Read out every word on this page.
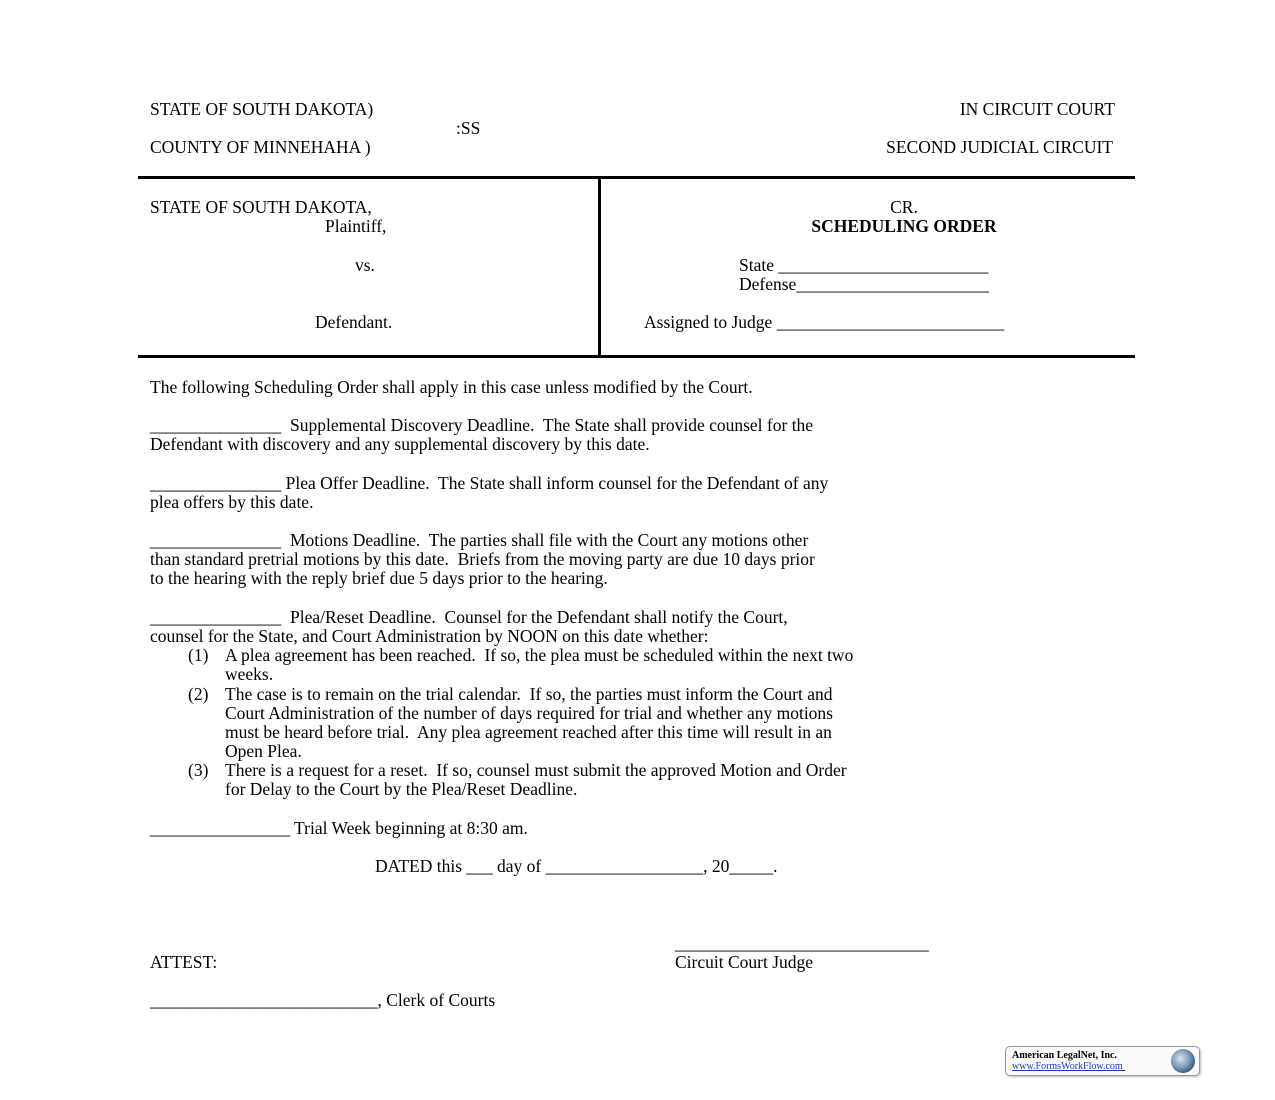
STATE OF SOUTH DAKOTA)
:SS
COUNTY OF MINNEHAHA )
IN CIRCUIT COURT
SECOND JUDICIAL CIRCUIT
STATE OF SOUTH DAKOTA,
Plaintiff,
vs.
Defendant.
CR.
SCHEDULING ORDER
State ________________________
Defense______________________
Assigned to Judge __________________________
The following Scheduling Order shall apply in this case unless modified by the Court.
_______________  Supplemental Discovery Deadline.  The State shall provide counsel for the
Defendant with discovery and any supplemental discovery by this date.
_______________ Plea Offer Deadline.  The State shall inform counsel for the Defendant of any
plea offers by this date.
_______________  Motions Deadline.  The parties shall file with the Court any motions other
than standard pretrial motions by this date.  Briefs from the moving party are due 10 days prior
to the hearing with the reply brief due 5 days prior to the hearing.
_______________  Plea/Reset Deadline.  Counsel for the Defendant shall notify the Court,
counsel for the State, and Court Administration by NOON on this date whether:
(1) A plea agreement has been reached.  If so, the plea must be scheduled within the next two
weeks.
(2) The case is to remain on the trial calendar.  If so, the parties must inform the Court and
Court Administration of the number of days required for trial and whether any motions
must be heard before trial.  Any plea agreement reached after this time will result in an
Open Plea.
(3) There is a request for a reset.  If so, counsel must submit the approved Motion and Order
for Delay to the Court by the Plea/Reset Deadline.
________________ Trial Week beginning at 8:30 am.
DATED this ___ day of __________________, 20_____.
_____________________________
Circuit Court Judge
ATTEST:
__________________________, Clerk of Courts
American LegalNet, Inc.
www.FormsWorkFlow.com
